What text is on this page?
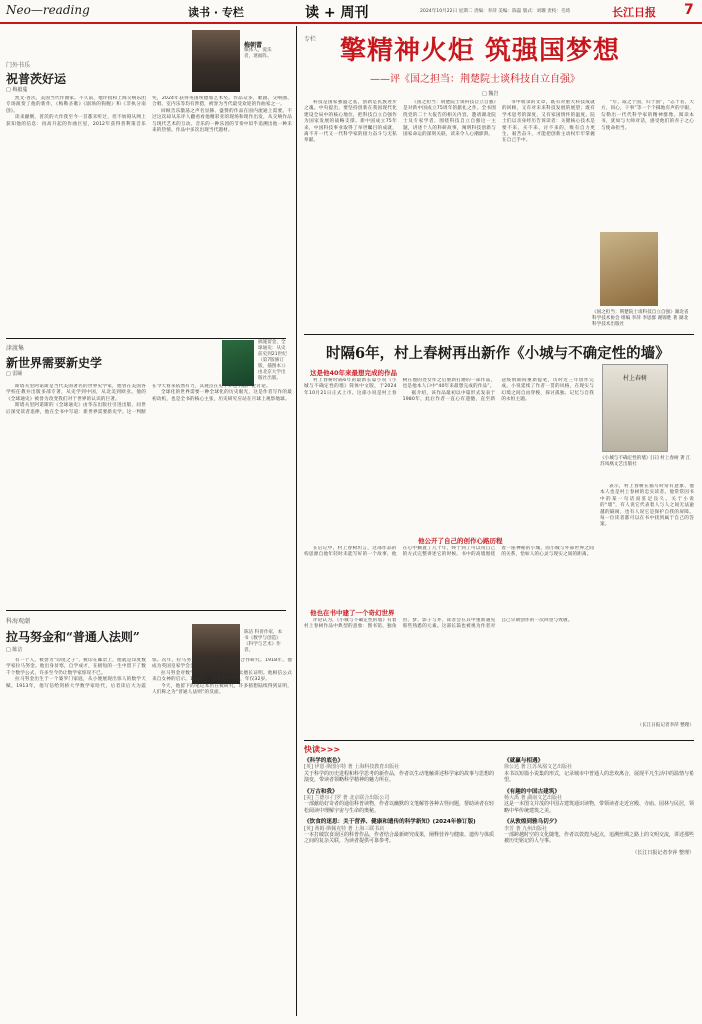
Neo—reading	读书 · 专栏	读 + 周刊	2024年10月22日 星期二 责编：李萍 美编：陈磊 版式：刘珊 责校：毛琦	长江日报 7
门外书乐
祝普茨好运
□ 梅毅蔓
梅朝蕾
媒体人，爱乐者，迷福阵。

凯文·普茨，美国当代作曲家。不久前，他评指和上海交响乐团专场演奏了他的新作，《梅勒圣歌》《剧场的狗舰》和《非执分南创》。

读来颠倒，普茨的大作我至今一首都未听过，但不妨碍从网上获知他的信息：再高升起的作曲巨星，2012年获得普利策音乐奖，2024年获得英国埃德加艺术奖。作品众多，歌剧、交响曲、合唱、室内乐等均有涉猎，被誉为当代最受欢迎的作曲家之一。

回顾音乐激荡之声名显赫、盛赞的作品在国内流通上需要。不过这次却从乐评人翻看看他精彩亚的现场和现作出发，从交响作品与现代艺术的互动。音乐的一种乐团的节奏中似乎追溯出他一种未来的热情。作品中多次出现当代题材。

津渡集
新世界需要新史学
□ 雷颐
搞施留金，全球通史：从史前史到21世纪（第7版修订版，插图本）》由北京大学出版社出版。

斯塔夫里阿诺斯是当代美国著名的世界史学家，他曾在美国各学校任教并出版多部专著，从史学到中国，从北美到欧亚。他的《全球通史》被誉为改变我们对于世界的认识的巨著。

斯塔夫里阿诺斯的《全球通史》由华东出版社引进出版，问世后深受读者追捧，他在全书中写道：新世界需要新史学。这一判断在今天看来依然有力，其观点在史学界也引起广泛讨论。

全球化的世界需要一种全球化的历史眼光，这是作者写作的最初动机，也是全书的核心主张，历史研究应站在月球上观察地球。

科海观潮
拉马努金和“普通人法则”
□ 陈洁
陈洁 科普作家，本书《数学与创造》《科学与艺术》作者。

有一个人，被誉为“印度之子”，被印在邮票上，他就是印度数学家拉马努金。他出身贫寒，自学成才，在极短的一生中留下了数千个数学公式，许多至今仍让数学家惊叹不已。

拉马努金出生于一个婆罗门家庭，从小便展现出惊人的数学天赋。1913年，他写信给剑桥大学数学家哈代，后者读后大为震惊。次年，拉马努金赴英国工作，与哈代合作研究。1918年，他成为英国皇家学会会员。

拉马努金对数学的直觉非凡，但却不太擅长证明。他相信公式来自女神的启示。1920年，他病逝于印度，年仅32岁。

今天，他留下的笔记本仍在被研究，许多猜想陆续得到证明，人们称之为“普通人法则”的反面。

专栏 擎精神火炬 筑强国梦想
——评《国之担当：荆楚院士谈科技自立自强》
□ 魏岩

科技是国家强盛之基，创新是民族进步之魂。中央提出，要坚持创新在我国现代化建设全局中的核心地位，把科技自立自强作为国家发展的战略支撑。新中国成立75年来，中国科技事业取得了举世瞩目的成就，离不开一代又一代科学家的接力奋斗与无私奉献。

《国之担当：荆楚院士谈科技自立自强》是对新中国成立75周年的献礼之作。全书围绕党的二十大报告的相关内容，邀请湖北院士及专家学者，围绕科技自立自强这一主题，讲述个人的科研故事，阐明科技创新与国家命运的深刻关联，读来令人心潮澎湃。

书中收录的文章，既有对重大科技成就的回顾，又有对未来科技发展的展望；既有学术思考的深度，又有家国情怀的温度。院士们以亲身经历告诉读者：关键核心技术是要不来、买不来、讨不来的，唯有自力更生、艰苦奋斗，才能把创新主动权牢牢掌握在自己手中。

“年，取之于国，归于国”，“志十者，大方，同心，干事”等一个个掷地有声的字眼，勾勒出一代代科学家的精神群像。阅读本书，犹如与大师对话，感受他们的赤子之心与使命担当。

《国之担当：荆楚院士谈科技自立自强》湖北省科学技术协会 组编 李萍 李思群 谢锦胜 著 湖北科学技术出版社
时隔6年，村上春树再出新作《小城与不确定性的墙》
这是他40年来最想完成的作品

村上春树时隔6年的最新长篇小说《小城与不确定性的墙》简体中文版，于2024年10月21日正式上市。这部小说是村上春树在他的处女作之后重新打磨的一部作品，也是他本人口中“40年来最想完成的作品”。

据介绍，该作品最初以中篇形式发表于1980年，此后作者一直心有遗憾，直至新冠疫情期间重新提笔，历时近三年创作完成。小说延续了作者一贯的风格，在现实与幻境之间自由穿梭，探讨孤独、记忆与自我的永恒主题。

他公开了自己的创作心路历程

在后记中，村上春树坦言，这部作品的构思源自他年轻时未能写好的一个故事，他在心中搁置了几十年，终于到了可以用自己的方式完整讲述它的时候。书中的高墙围绕着一座神秘的小城，而小城与外部世界之间的关系，恰如人的心灵与现实之间的距离。

他也在书中建了一个奇幻世界

评论认为，《小城与不确定性的墙》有着村上春树作品中典型的意象：图书馆、独角兽、梦、影子与井，读者会在其中重新遇见那些熟悉的元素。这部长篇也被视为作者对自己早期创作的一次回望与致敬。

村上春树
《小城与不确定性的墙》[日] 村上春树 著 江苏凤凰文艺出版社

表示，村上春树在描写时常有意象、他本人也是村上春树的忠实读者。他常常因书中的某一句话而驻足良久。关于小说的“墙”，有人说它代表着人与人之间无法逾越的隔阂，也有人说它是保护自我的屏障。每一位读者都可以在书中找到属于自己的答案。

（长江日报记者李萍 整理）
快读>>>
《科学的底色》
[英] 伊恩·斯图尔特 著 上海科技教育出版社
关于科学的历史进程和科学思考的新作品，作者以生动笔触讲述科学家的故事与思想的演变，带读者领略科学精神的魅力所在。
《万古和我》
[美] 兰德尔·门罗 著 北京联合出版公司
一部献给好奇者的通俗科普读物，作者以幽默的文笔解答各种古怪问题，帮助读者在轻松阅读中理解宇宙与生命的奥秘。
《饮食的迷思：关于营养、健康和遗传的科学新知》(2024年修订版)
[英] 蒂姆·斯佩克特 著 上海三联书店
一本打破饮食误区的科普作品，作者结合最新研究成果，阐释营养与健康、遗传与体质之间的复杂关联，为读者提供可靠参考。
《就赢与相遇》
徐公达 著 江苏凤凰文艺出版社
本书以短篇小说集的形式，记录城市中普通人的悲欢离合，展现平凡生活中的温情与希望。
《有趣的中国古建筑》
杨大禹 著 湖南文艺出版社
这是一本图文并茂的中国古建筑通识读物，带领读者走近宫殿、寺庙、园林与民居，领略中华传统建筑之美。
《从敦煌到雅乌切夕》
李芳 著 九州出版社
一部跨越时空的文化随笔，作者以敦煌为起点，追溯丝绸之路上的文明交流，讲述那些被历史铭记的人与事。
（长江日报记者李萍 整理）
